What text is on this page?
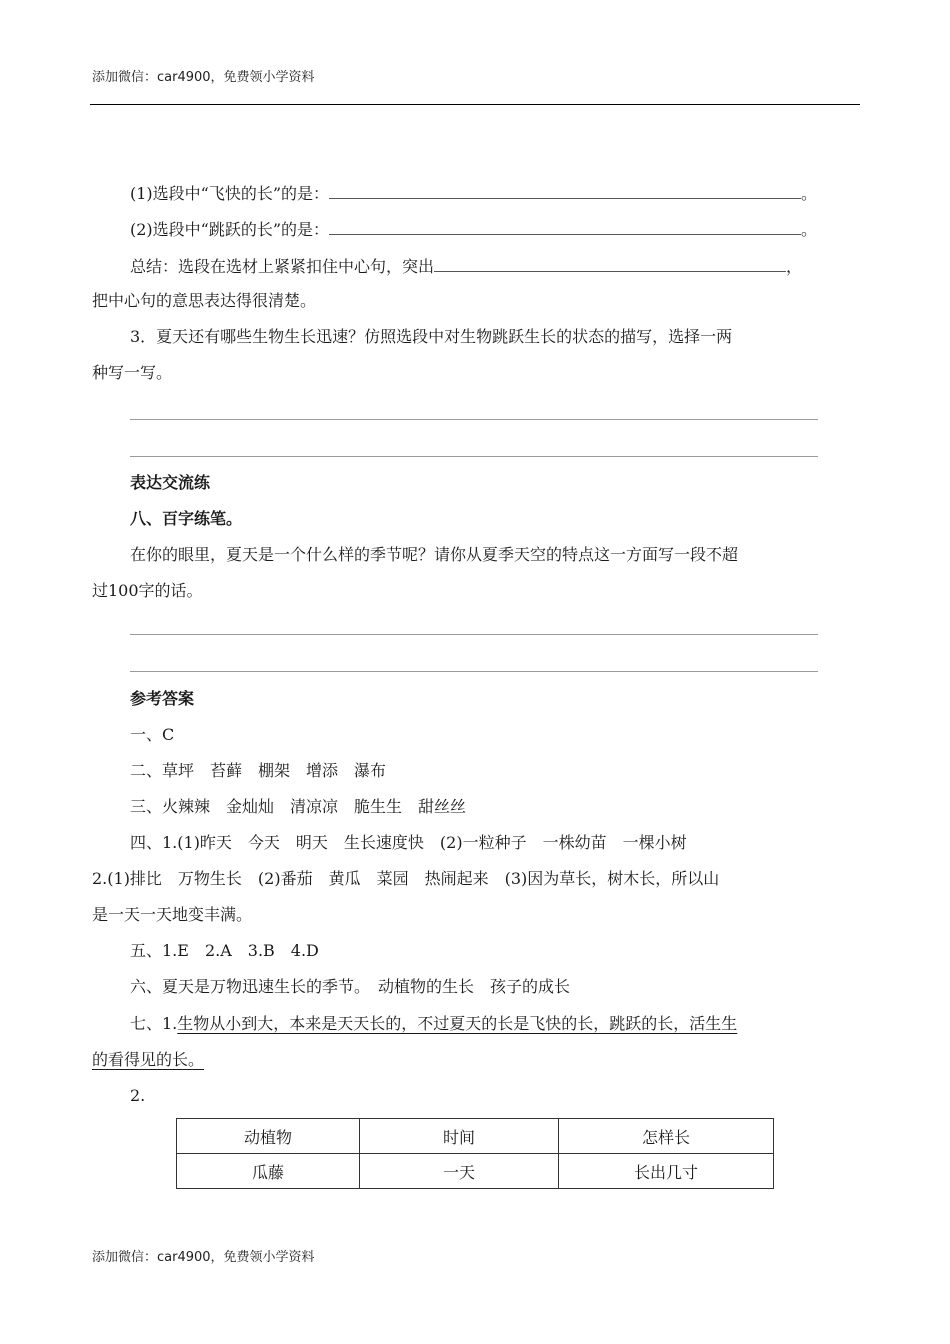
添加微信：car4900，免费领小学资料
(1)选段中“飞快的长”的是：	。
(2)选段中“跳跃的长”的是：	。
总结：选段在选材上紧紧扣住中心句，突出	，
把中心句的意思表达得很清楚。
3．夏天还有哪些生物生长迅速？仿照选段中对生物跳跃生长的状态的描写，选择一两
种写一写。
表达交流练
八、百字练笔。
在你的眼里，夏天是一个什么样的季节呢？请你从夏季天空的特点这一方面写一段不超
过100字的话。
参考答案
一、C
二、草坪　苔藓　棚架　增添　瀑布
三、火辣辣　金灿灿　清凉凉　脆生生　甜丝丝
四、1.(1)昨天　今天　明天　生长速度快　(2)一粒种子　一株幼苗　一棵小树
2.(1)排比　万物生长　(2)番茄　黄瓜　菜园　热闹起来　(3)因为草长，树木长，所以山
是一天一天地变丰满。
五、1.E　2.A　3.B　4.D
六、夏天是万物迅速生长的季节。　动植物的生长　孩子的成长
七、1.生物从小到大，本来是天天长的，不过夏天的长是飞快的长，跳跃的长，活生生
的看得见的长。
2.
动植物	时间	怎样长
瓜藤	一天	长出几寸
添加微信：car4900，免费领小学资料
